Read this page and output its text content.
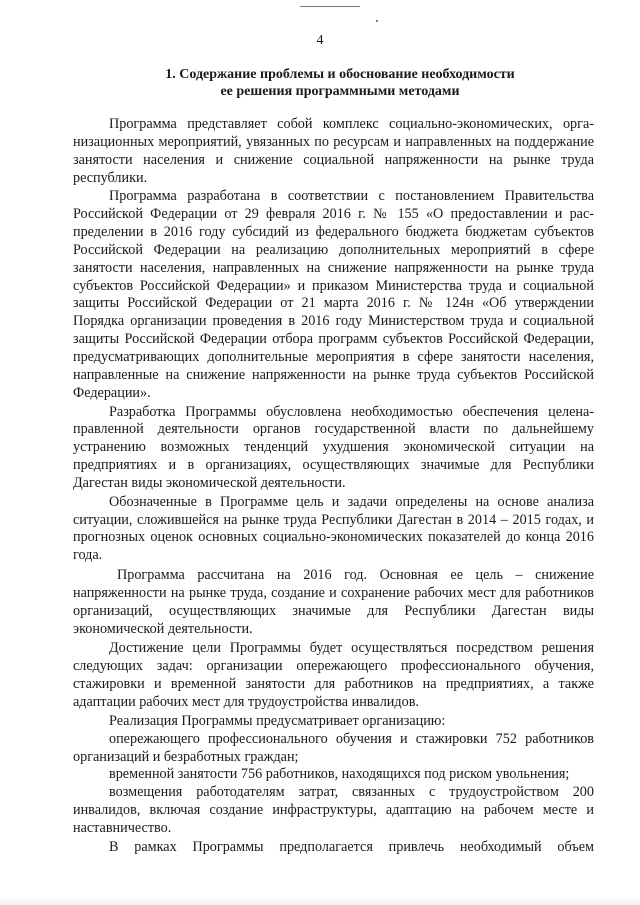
4
1. Содержание проблемы и обоснование необходимости
ее решения программными методами

Программа представляет собой комплекс социально-экономических, организационных мероприятий, увязанных по ресурсам и направленных на поддержание занятости населения и снижение социальной напряженности на рынке труда республики.

Программа разработана в соответствии с постановлением Правительства Российской Федерации от 29 февраля 2016 г. № 155 «О предоставлении и распределении в 2016 году субсидий из федерального бюджета бюджетам субъектов Российской Федерации на реализацию дополнительных мероприятий в сфере занятости населения, направленных на снижение напряженности на рынке труда субъектов Российской Федерации» и приказом Министерства труда и социальной защиты Российской Федерации от 21 марта 2016 г. № 124н «Об утверждении Порядка организации проведения в 2016 году Министерством труда и социальной защиты Российской Федерации отбора программ субъектов Российской Федерации, предусматривающих дополнительные мероприятия в сфере занятости населения, направленные на снижение напряженности на рынке труда субъектов Российской Федерации».

Разработка Программы обусловлена необходимостью обеспечения целенаправленной деятельности органов государственной власти по дальнейшему устранению возможных тенденций ухудшения экономической ситуации на предприятиях и в организациях, осуществляющих значимые для Республики Дагестан виды экономической деятельности.

Обозначенные в Программе цель и задачи определены на основе анализа ситуации, сложившейся на рынке труда Республики Дагестан в 2014 – 2015 годах, и прогнозных оценок основных социально-экономических показателей до конца 2016 года.

Программа рассчитана на 2016 год. Основная ее цель – снижение напряженности на рынке труда, создание и сохранение рабочих мест для работников организаций, осуществляющих значимые для Республики Дагестан виды экономической деятельности.

Достижение цели Программы будет осуществляться посредством решения следующих задач: организации опережающего профессионального обучения, стажировки и временной занятости для работников на предприятиях, а также адаптации рабочих мест для трудоустройства инвалидов.

Реализация Программы предусматривает организацию:

опережающего профессионального обучения и стажировки 752 работников организаций и безработных граждан;

временной занятости 756 работников, находящихся под риском увольнения;

возмещения работодателям затрат, связанных с трудоустройством 200 инвалидов, включая создание инфраструктуры, адаптацию на рабочем месте и наставничество.

В рамках Программы предполагается привлечь необходимый объем
